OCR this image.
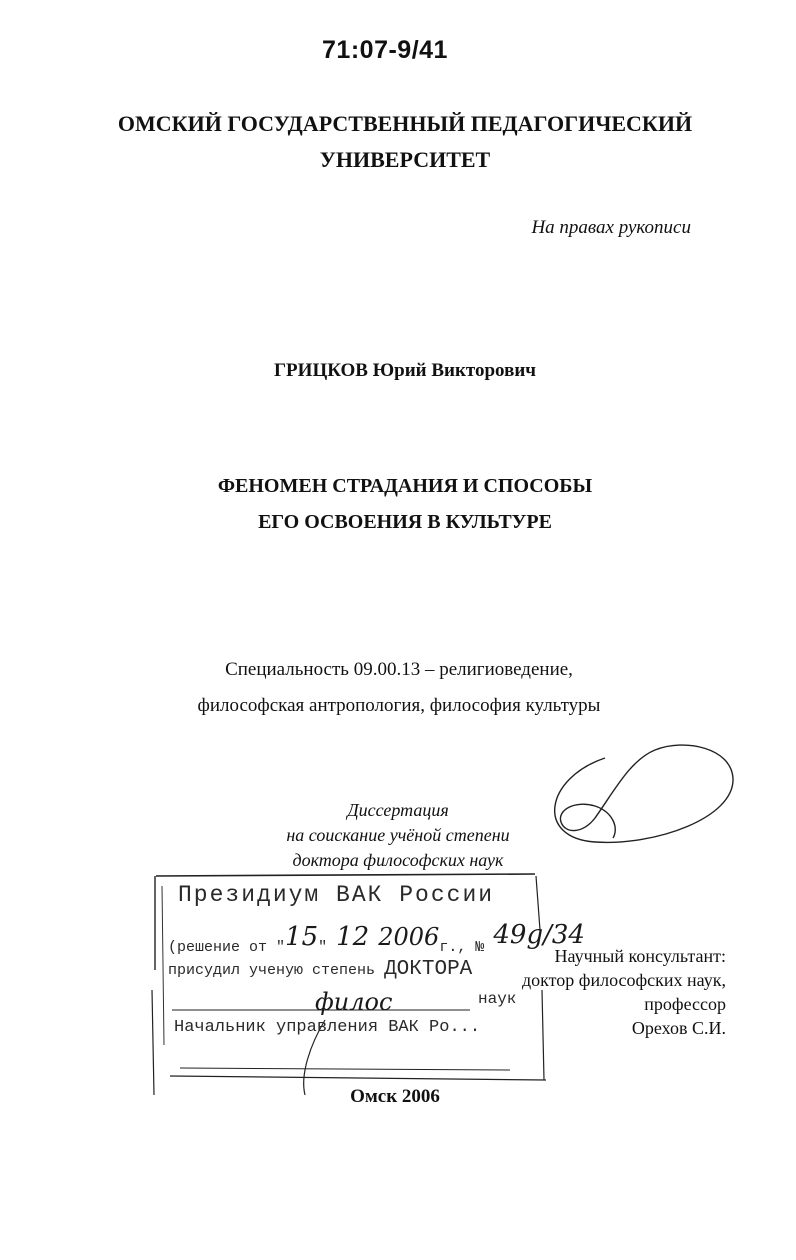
71:07-9/41
ОМСКИЙ ГОСУДАРСТВЕННЫЙ ПЕДАГОГИЧЕСКИЙ
УНИВЕРСИТЕТ
На правах рукописи
ГРИЦКОВ Юрий Викторович
ФЕНОМЕН СТРАДАНИЯ И СПОСОБЫ
ЕГО ОСВОЕНИЯ В КУЛЬТУРЕ
Специальность 09.00.13 – религиоведение,
философская антропология, философия культуры
Диссертация
на соискание учёной степени
доктора философских наук
Президиум ВАК России
(решение от "15" 12 2006г., № 49g/34
присудил ученую степень ДОКТОРА
филос	наук
Начальник управления ВАК Ро...
Научный консультант:
доктор философских наук,
профессор
Орехов С.И.
Омск 2006
